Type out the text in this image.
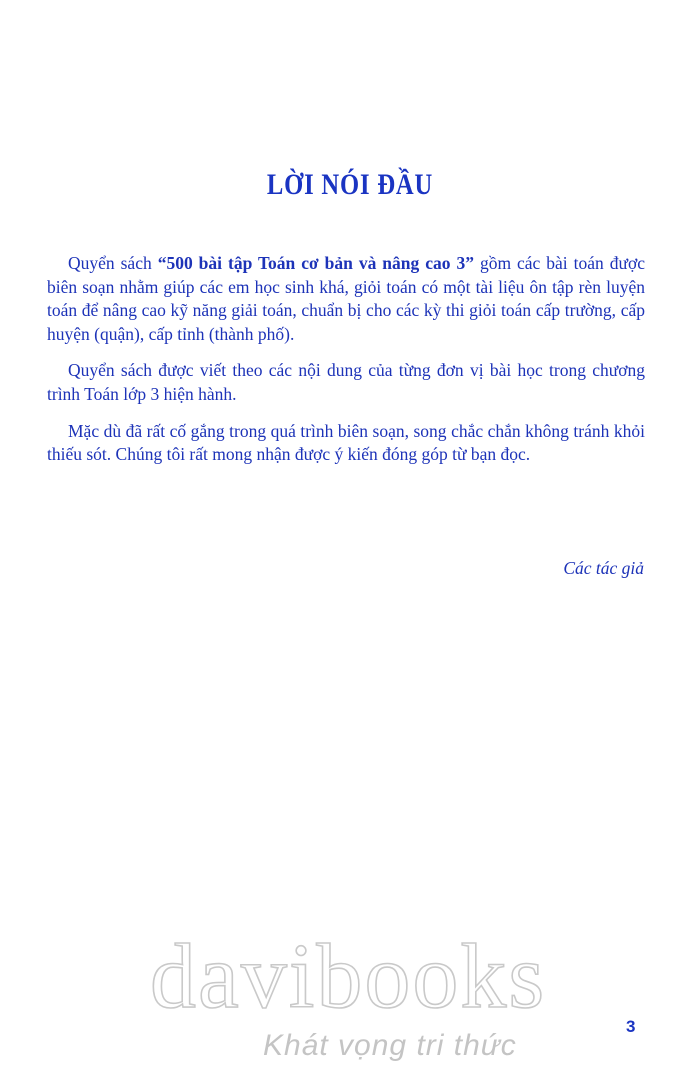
LỜI NÓI ĐẦU

Quyển sách “500 bài tập Toán cơ bản và nâng cao 3” gồm các bài toán được biên soạn nhằm giúp các em học sinh khá, giỏi toán có một tài liệu ôn tập rèn luyện toán để nâng cao kỹ năng giải toán, chuẩn bị cho các kỳ thi giỏi toán cấp trường, cấp huyện (quận), cấp tỉnh (thành phố).

Quyển sách được viết theo các nội dung của từng đơn vị bài học trong chương trình Toán lớp 3 hiện hành.

Mặc dù đã rất cố gắng trong quá trình biên soạn, song chắc chắn không tránh khỏi thiếu sót. Chúng tôi rất mong nhận được ý kiến đóng góp từ bạn đọc.

Các tác giả
davibooks
Khát vọng tri thức
3
